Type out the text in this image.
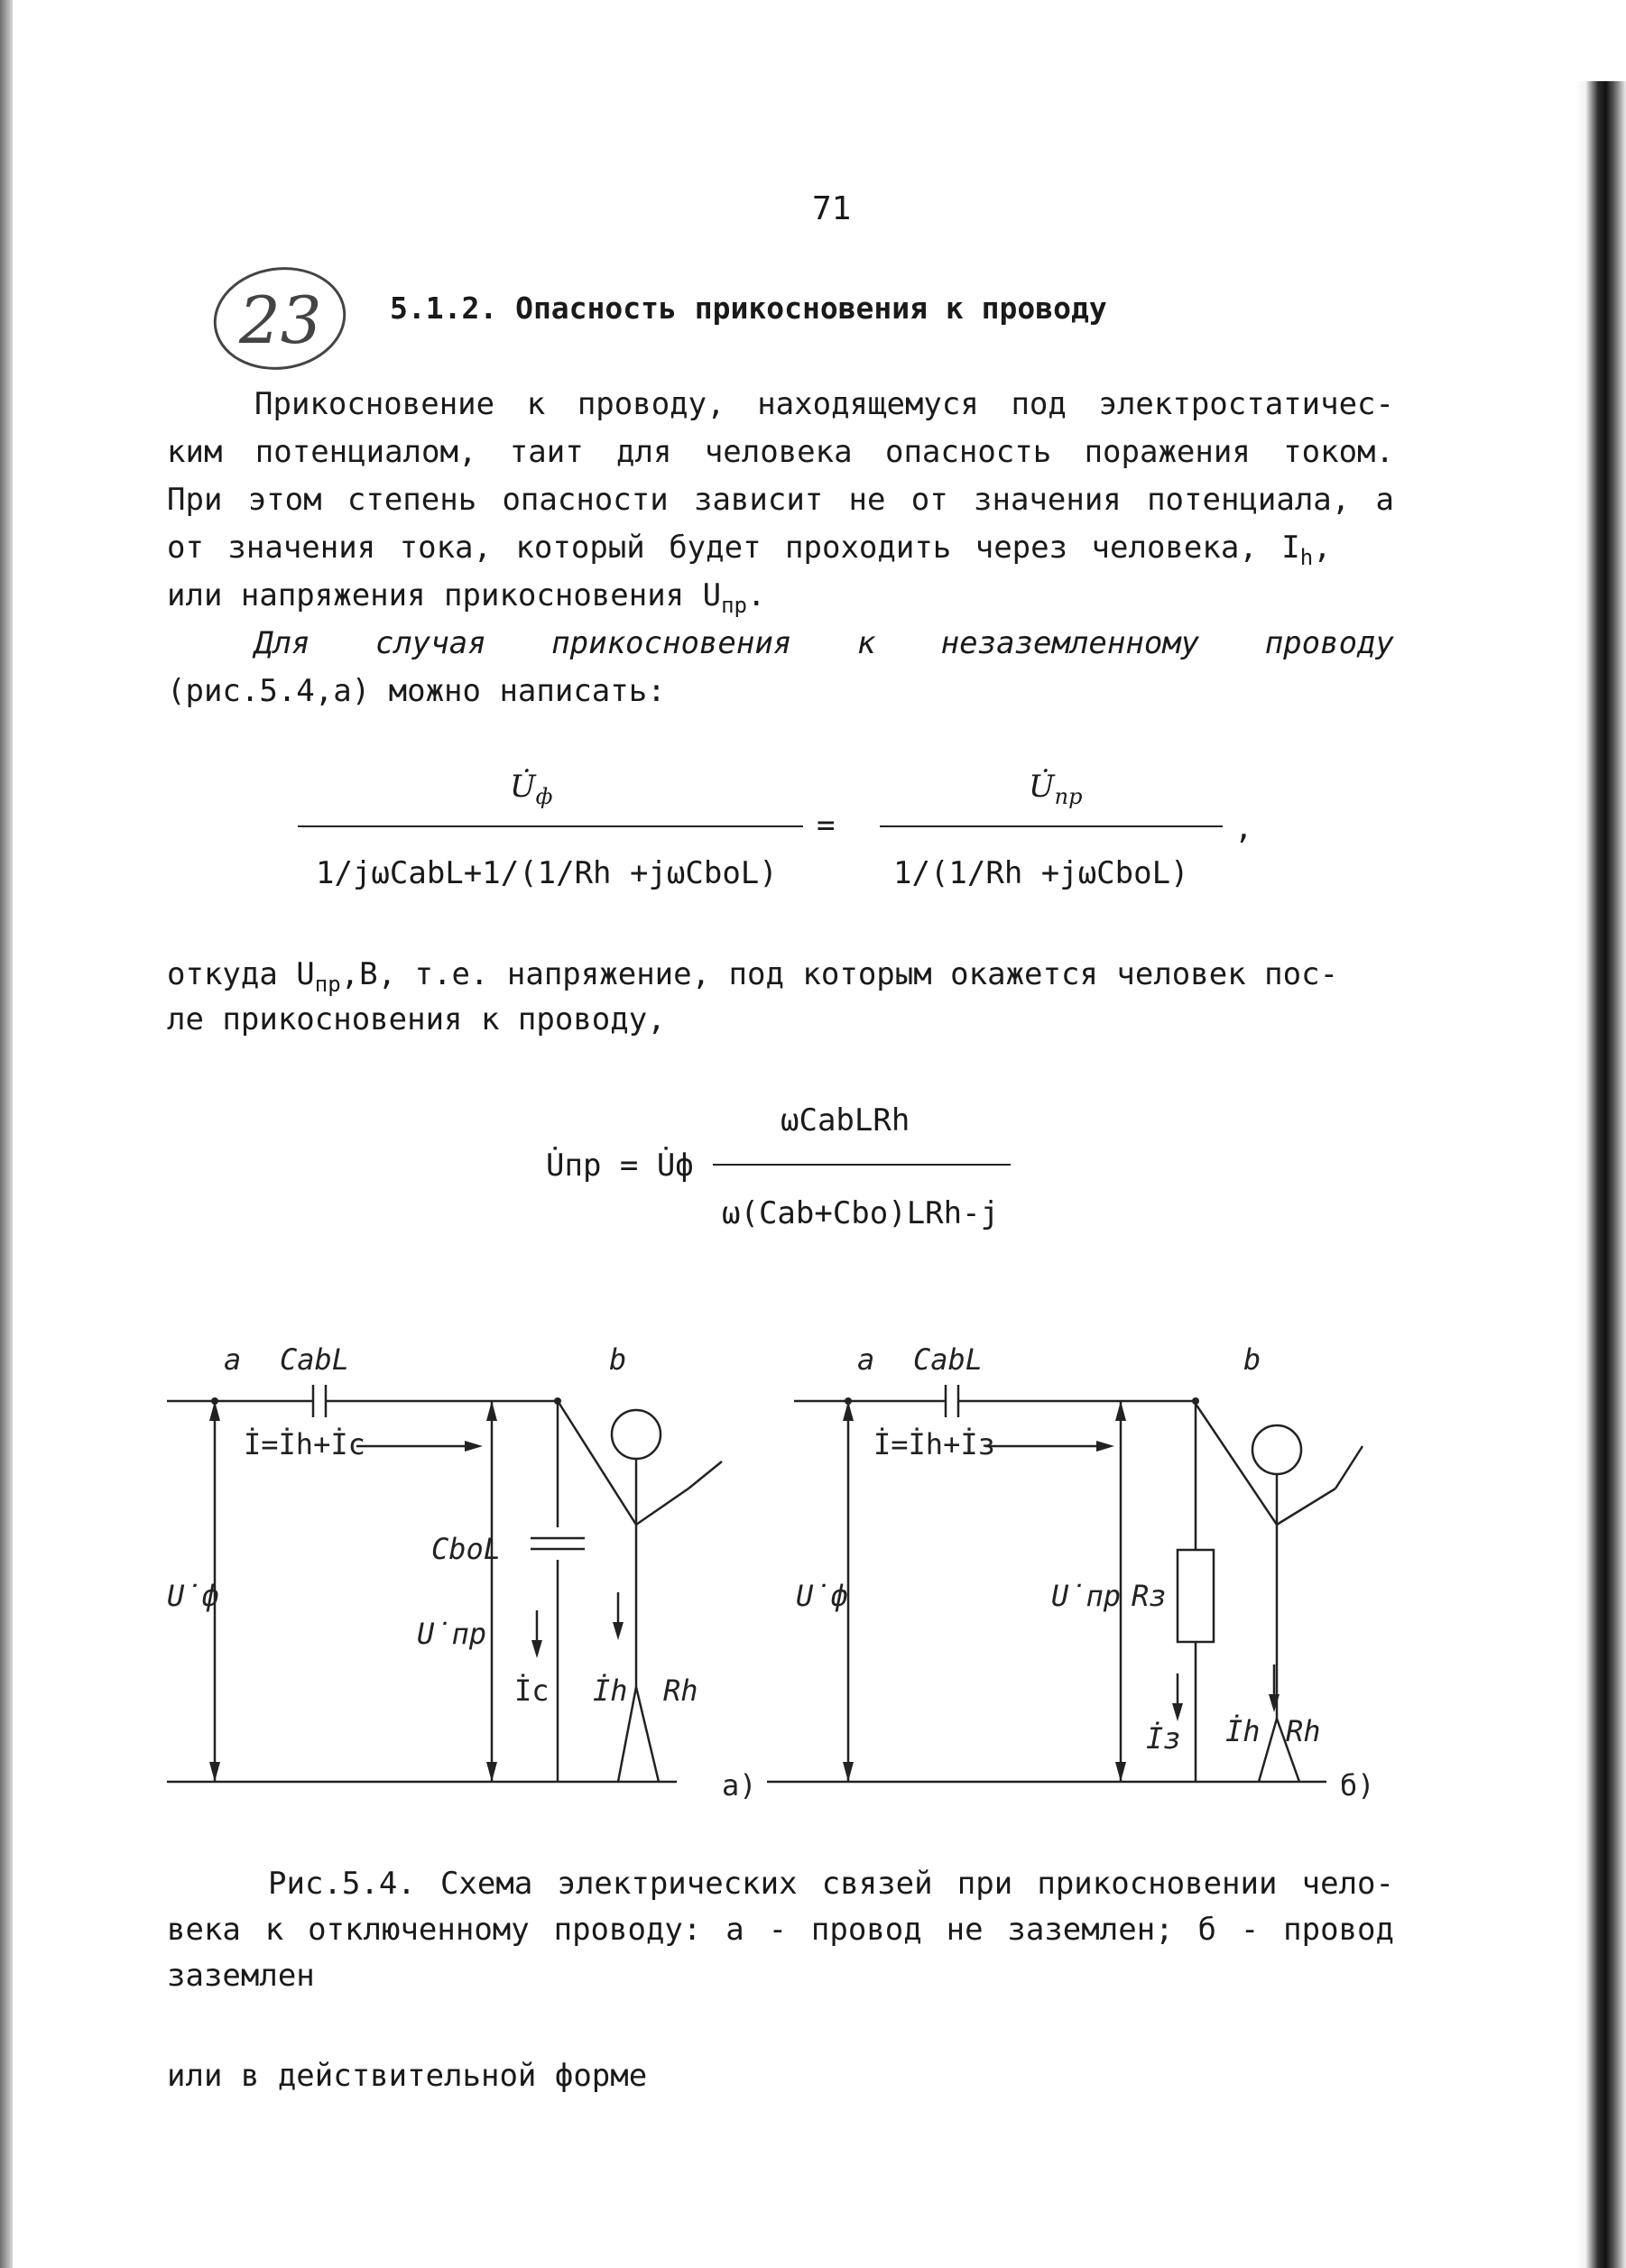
71
23 5.1.2. Опасность прикосновения к проводу
Прикосновение к проводу, находящемуся под электростатичес-
ким потенциалом, таит для человека опасность поражения током.
При этом степень опасности зависит не от значения потенциала, а
от значения тока, который будет проходить через человека, $I_h$,
или напряжения прикосновения $U_{пр}$.
Для случая прикосновения к незаземленному проводу
(рис.5.4,а) можно написать:
$U̇_ф$	$U̇_{пр}$
=	,
1/jωCabL+1/(1/Rh +jωCboL)	1/(1/Rh +jωCboL)
откуда $U_{пр},В$, т.е. напряжение, под которым окажется человек пос-
ле прикосновения к проводу,
ωCabLRh
U̇пр = U̇ф
ω(Cab+Cbo)LRh-j
a CabL	b
İ=İh+İc
CboL
U̇ф
U̇пр
İc İh Rh
а)
a CabL	b
İ=İh+İз
U̇ф	U̇пр Rз
İз İh Rh
б)
Рис.5.4. Схема электрических связей при прикосновении чело-
века к отключенному проводу: а - провод не заземлен; б - провод
заземлен
или в действительной форме
